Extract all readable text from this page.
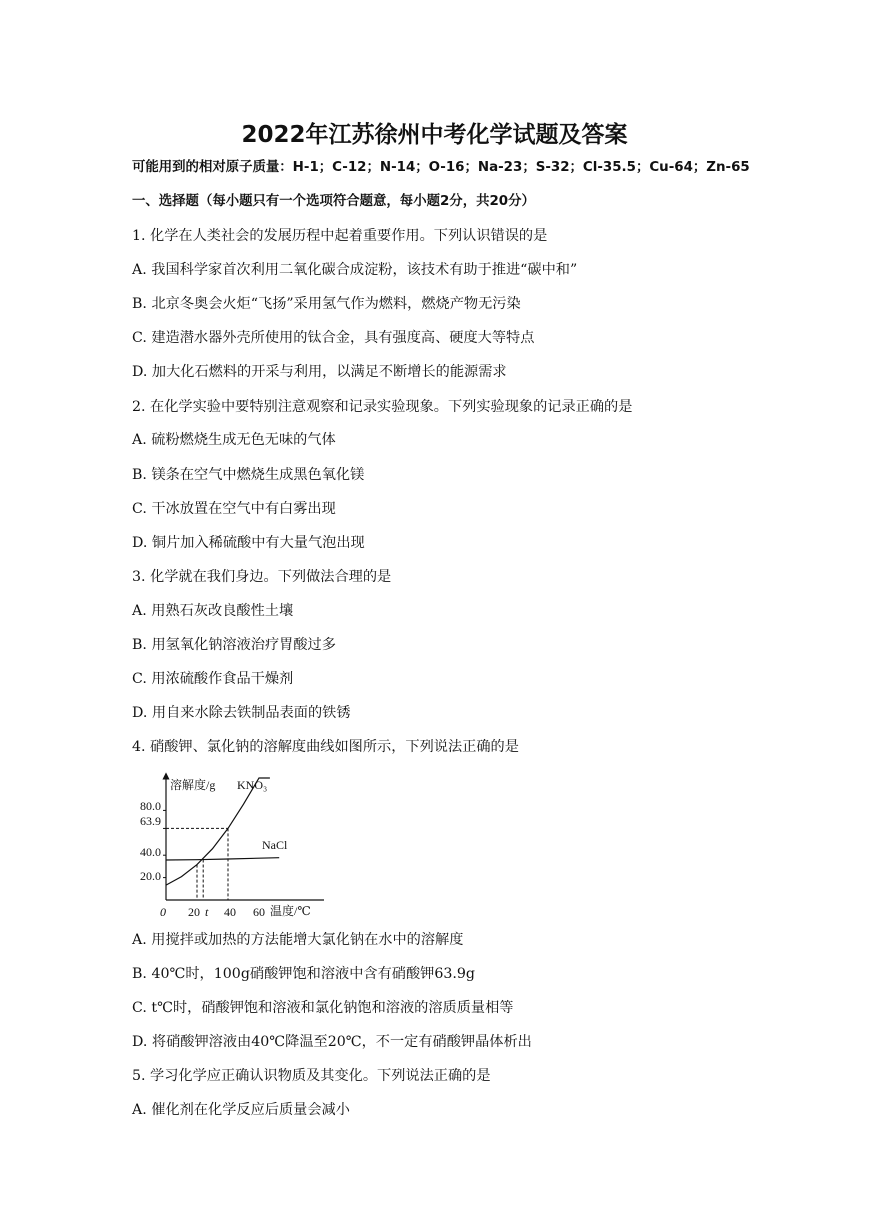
2022年江苏徐州中考化学试题及答案
可能用到的相对原子质量：H-1；C-12；N-14；O-16；Na-23；S-32；Cl-35.5；Cu-64；Zn-65
一、选择题（每小题只有一个选项符合题意，每小题2分，共20分）
1. 化学在人类社会的发展历程中起着重要作用。下列认识错误的是
A. 我国科学家首次利用二氧化碳合成淀粉，该技术有助于推进“碳中和”
B. 北京冬奥会火炬“飞扬”采用氢气作为燃料，燃烧产物无污染
C. 建造潜水器外壳所使用的钛合金，具有强度高、硬度大等特点
D. 加大化石燃料的开采与利用，以满足不断增长的能源需求
2. 在化学实验中要特别注意观察和记录实验现象。下列实验现象的记录正确的是
A. 硫粉燃烧生成无色无味的气体
B. 镁条在空气中燃烧生成黑色氧化镁
C. 干冰放置在空气中有白雾出现
D. 铜片加入稀硫酸中有大量气泡出现
3. 化学就在我们身边。下列做法合理的是
A. 用熟石灰改良酸性土壤
B. 用氢氧化钠溶液治疗胃酸过多
C. 用浓硫酸作食品干燥剂
D. 用自来水除去铁制品表面的铁锈
4. 硝酸钾、氯化钠的溶解度曲线如图所示，下列说法正确的是
溶解度/g
温度/℃
0 20 t 40 60
20.0
40.0
63.9
80.0
KNO₃
NaCl
A. 用搅拌或加热的方法能增大氯化钠在水中的溶解度
B. 40℃时，100g硝酸钾饱和溶液中含有硝酸钾63.9g
C. t℃时，硝酸钾饱和溶液和氯化钠饱和溶液的溶质质量相等
D. 将硝酸钾溶液由40℃降温至20℃，不一定有硝酸钾晶体析出
5. 学习化学应正确认识物质及其变化。下列说法正确的是
A. 催化剂在化学反应后质量会减小
